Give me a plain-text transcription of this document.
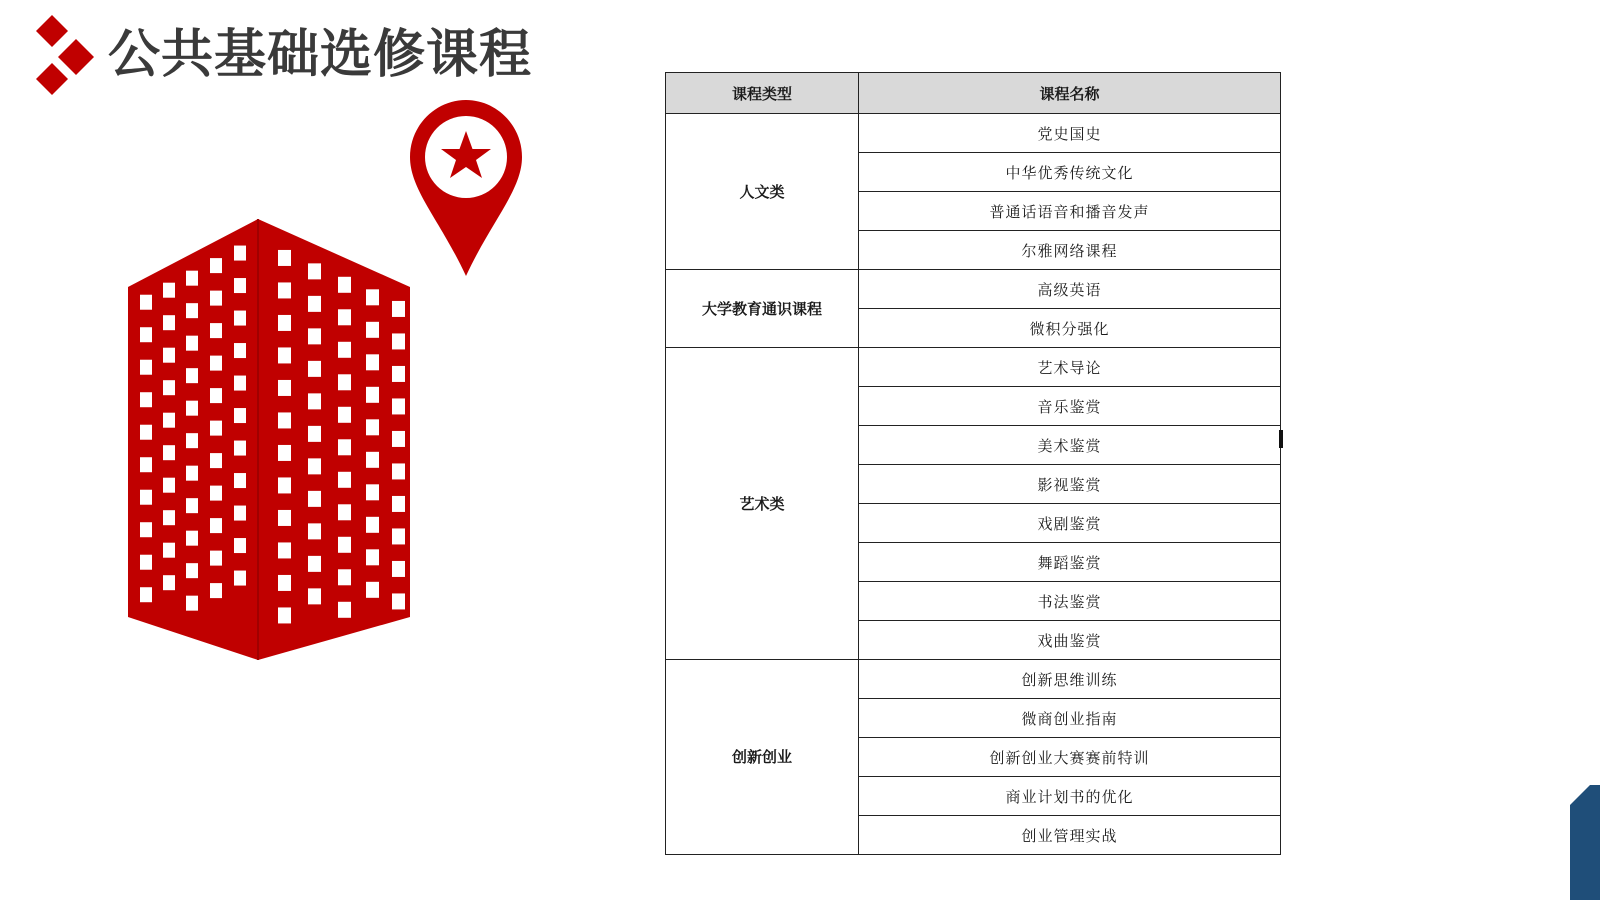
公共基础选修课程
课程类型	课程名称
人文类	党史国史
	中华优秀传统文化
	普通话语音和播音发声
	尔雅网络课程
大学教育通识课程	高级英语
	微积分强化
艺术类	艺术导论
	音乐鉴赏
	美术鉴赏
	影视鉴赏
	戏剧鉴赏
	舞蹈鉴赏
	书法鉴赏
	戏曲鉴赏
创新创业	创新思维训练
	微商创业指南
	创新创业大赛赛前特训
	商业计划书的优化
	创业管理实战
